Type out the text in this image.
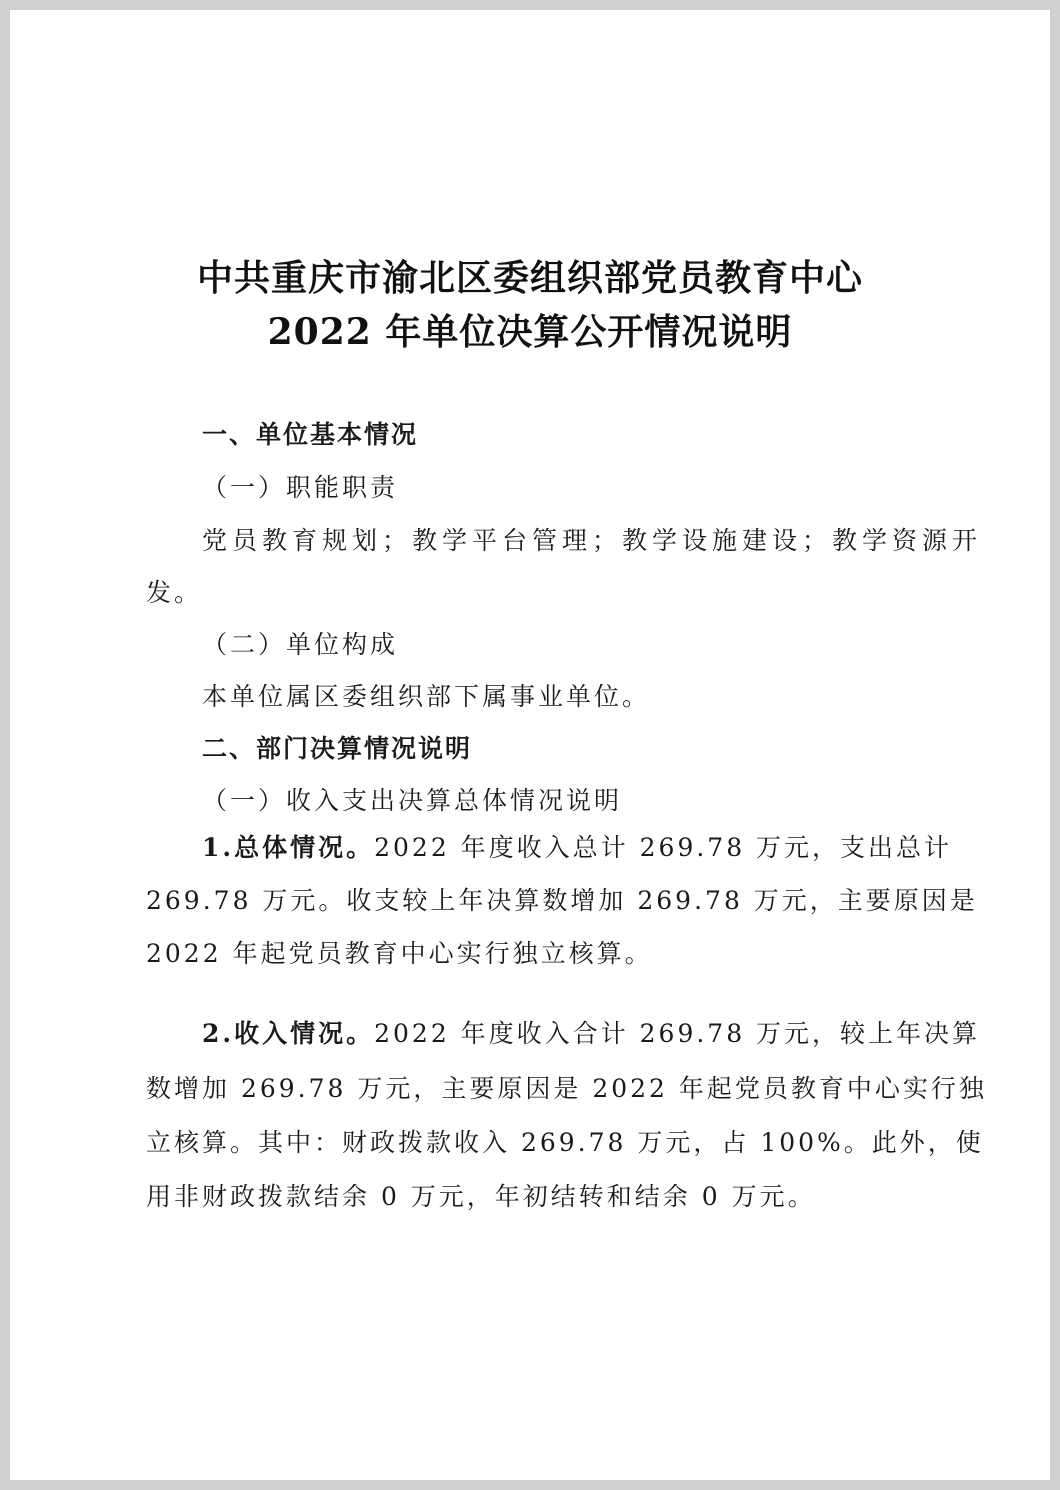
中共重庆市渝北区委组织部党员教育中心
2022 年单位决算公开情况说明
一、单位基本情况
（一）职能职责
党员教育规划；教学平台管理；教学设施建设；教学资源开
发。
（二）单位构成
本单位属区委组织部下属事业单位。
二、部门决算情况说明
（一）收入支出决算总体情况说明
1.总体情况。2022 年度收入总计 269.78 万元，支出总计
269.78 万元。收支较上年决算数增加 269.78 万元，主要原因是
2022 年起党员教育中心实行独立核算。
2.收入情况。2022 年度收入合计 269.78 万元，较上年决算
数增加 269.78 万元，主要原因是 2022 年起党员教育中心实行独
立核算。其中：财政拨款收入 269.78 万元，占 100%。此外，使
用非财政拨款结余 0 万元，年初结转和结余 0 万元。
